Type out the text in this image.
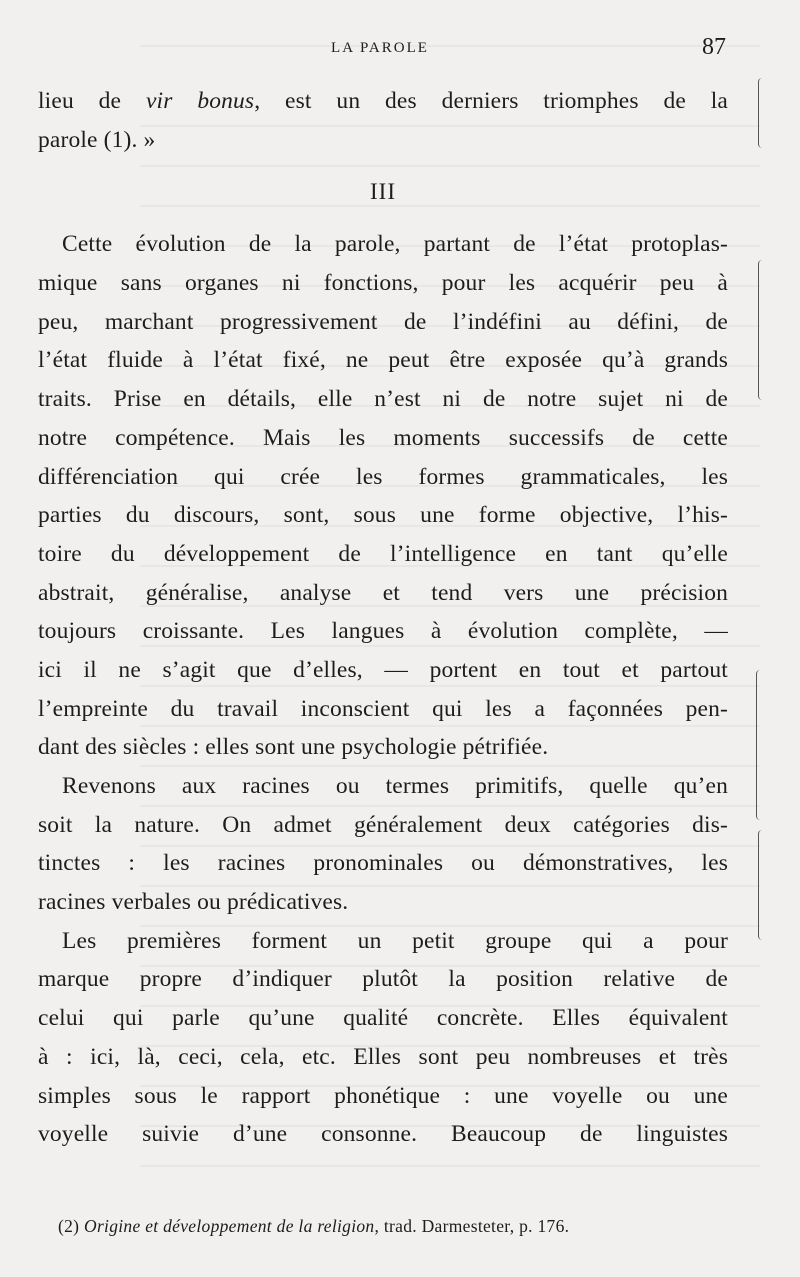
LA PAROLE	87
lieu de vir bonus, est un des derniers triomphes de la
parole (1). »
III
Cette évolution de la parole, partant de l’état protoplas-
mique sans organes ni fonctions, pour les acquérir peu à
peu, marchant progressivement de l’indéfini au défini, de
l’état fluide à l’état fixé, ne peut être exposée qu’à grands
traits. Prise en détails, elle n’est ni de notre sujet ni de
notre compétence. Mais les moments successifs de cette
différenciation qui crée les formes grammaticales, les
parties du discours, sont, sous une forme objective, l’his-
toire du développement de l’intelligence en tant qu’elle
abstrait, généralise, analyse et tend vers une précision
toujours croissante. Les langues à évolution complète, —
ici il ne s’agit que d’elles, — portent en tout et partout
l’empreinte du travail inconscient qui les a façonnées pen-
dant des siècles : elles sont une psychologie pétrifiée.
Revenons aux racines ou termes primitifs, quelle qu’en
soit la nature. On admet généralement deux catégories dis-
tinctes : les racines pronominales ou démonstratives, les
racines verbales ou prédicatives.
Les premières forment un petit groupe qui a pour
marque propre d’indiquer plutôt la position relative de
celui qui parle qu’une qualité concrète. Elles équivalent
à : ici, là, ceci, cela, etc. Elles sont peu nombreuses et très
simples sous le rapport phonétique : une voyelle ou une
voyelle suivie d’une consonne. Beaucoup de linguistes
(2) Origine et développement de la religion, trad. Darmesteter, p. 176.
